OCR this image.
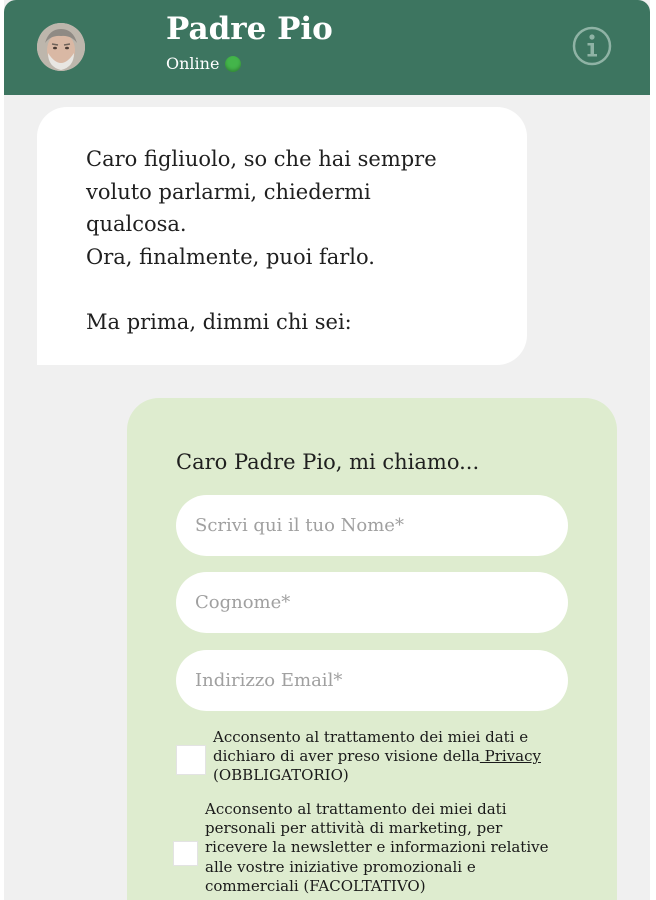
Padre Pio
Online

Caro figliuolo, so che hai sempre

voluto parlarmi, chiedermi

qualcosa.

Ora, finalmente, puoi farlo.

Ma prima, dimmi chi sei:

Caro Padre Pio, mi chiamo...
Scrivi qui il tuo Nome*
Cognome*
Indirizzo Email*

Acconsento al trattamento dei miei dati e dichiaro di aver preso visione della Privacy
(OBBLIGATORIO)

Acconsento al trattamento dei miei dati personali per attività di marketing, per ricevere la newsletter e informazioni relative alle vostre iniziative promozionali e commerciali (FACOLTATIVO)
